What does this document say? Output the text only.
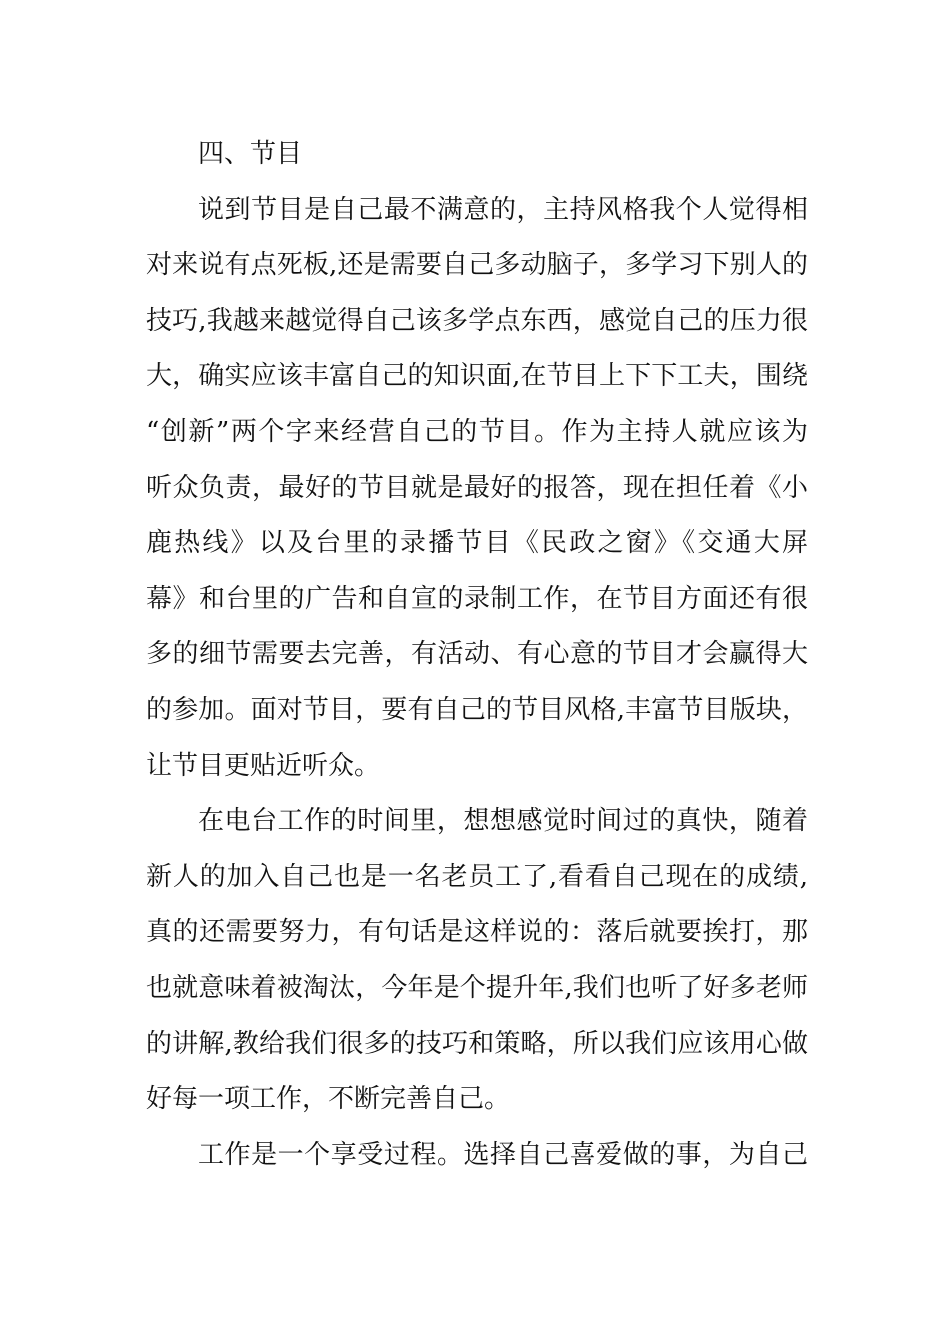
四、节目
说到节目是自己最不满意的，主持风格我个人觉得相
对来说有点死板,还是需要自己多动脑子，多学习下别人的
技巧,我越来越觉得自己该多学点东西，感觉自己的压力很
大，确实应该丰富自己的知识面,在节目上下下工夫，围绕
“创新”两个字来经营自己的节目。作为主持人就应该为
听众负责，最好的节目就是最好的报答，现在担任着《小
鹿热线》以及台里的录播节目《民政之窗》《交通大屏
幕》和台里的广告和自宣的录制工作，在节目方面还有很
多的细节需要去完善，有活动、有心意的节目才会赢得大
的参加。面对节目，要有自己的节目风格,丰富节目版块，
让节目更贴近听众。
在电台工作的时间里，想想感觉时间过的真快，随着
新人的加入自己也是一名老员工了,看看自己现在的成绩,
真的还需要努力，有句话是这样说的：落后就要挨打，那
也就意味着被淘汰，今年是个提升年,我们也听了好多老师
的讲解,教给我们很多的技巧和策略，所以我们应该用心做
好每一项工作，不断完善自己。
工作是一个享受过程。选择自己喜爱做的事，为自己
